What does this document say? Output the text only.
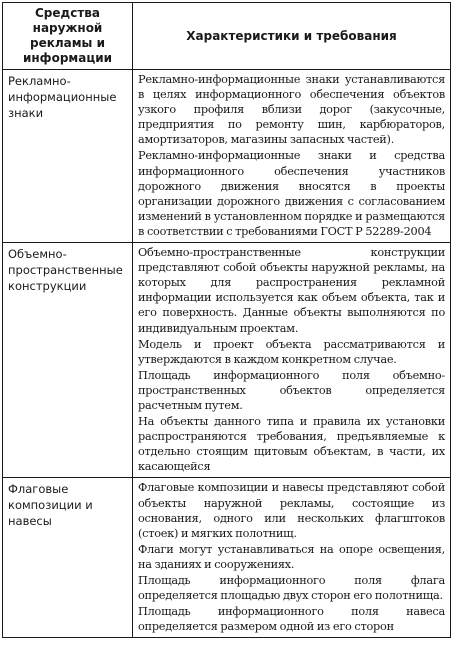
Средства наружной рекламы и информации	Характеристики и требования
Рекламно-информационные знаки	Рекламно-информационные знаки устанавливаются в целях информационного обеспечения объектов узкого профиля вблизи дорог (закусочные, предприятия по ремонту шин, карбюраторов, амортизаторов, магазины запасных частей).

Рекламно-информационные знаки и средства информационного обеспечения участников дорожного движения вносятся в проекты организации дорожного движения с согласованием изменений в установленном порядке и размещаются в соответствии с требованиями ГОСТ Р 52289-2004

Объемно-пространственные конструкции	Объемно-пространственные конструкции представляют собой объекты наружной рекламы, на которых для распространения рекламной информации используется как объем объекта, так и его поверхность. Данные объекты выполняются по индивидуальным проектам.

Модель и проект объекта рассматриваются и утверждаются в каждом конкретном случае.

Площадь информационного поля объемно-пространственных объектов определяется расчетным путем.

На объекты данного типа и правила их установки распространяются требования, предъявляемые к отдельно стоящим щитовым объектам, в части, их касающейся

Флаговые композиции и навесы	Флаговые композиции и навесы представляют собой объекты наружной рекламы, состоящие из основания, одного или нескольких флагштоков (стоек) и мягких полотнищ.

Флаги могут устанавливаться на опоре освещения, на зданиях и сооружениях.

Площадь информационного поля флага определяется площадью двух сторон его полотнища.

Площадь информационного поля навеса определяется размером одной из его сторон
